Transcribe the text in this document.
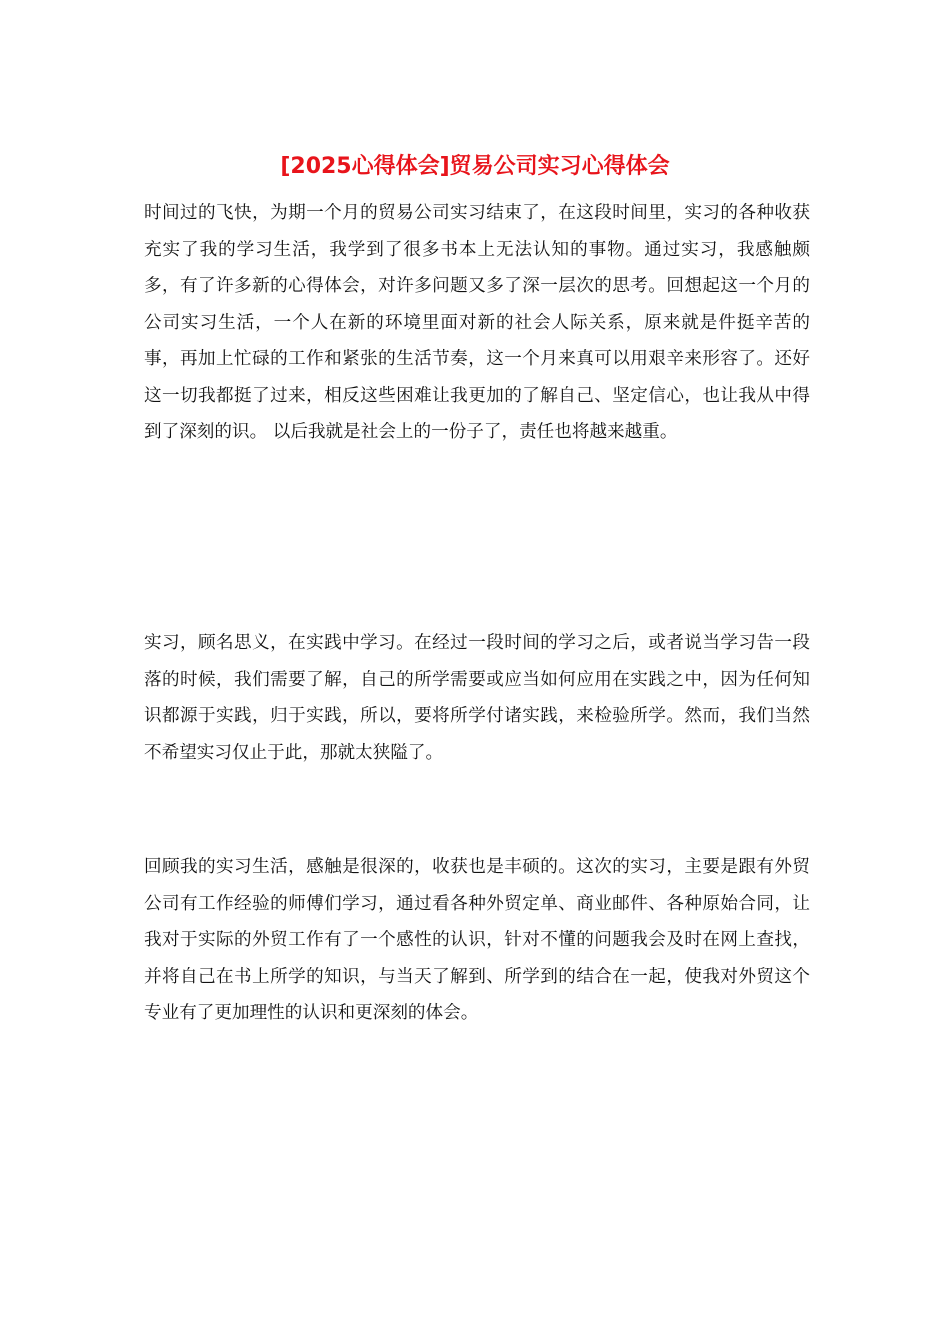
[2025心得体会]贸易公司实习心得体会

时间过的飞快，为期一个月的贸易公司实习结束了，在这段时间里，实习的各种收获充实了我的学习生活，我学到了很多书本上无法认知的事物。通过实习，我感触颇多，有了许多新的心得体会，对许多问题又多了深一层次的思考。回想起这一个月的公司实习生活，一个人在新的环境里面对新的社会人际关系，原来就是件挺辛苦的事，再加上忙碌的工作和紧张的生活节奏，这一个月来真可以用艰辛来形容了。还好这一切我都挺了过来，相反这些困难让我更加的了解自己、坚定信心，也让我从中得到了深刻的识。 以后我就是社会上的一份子了，责任也将越来越重。

实习，顾名思义，在实践中学习。在经过一段时间的学习之后，或者说当学习告一段落的时候，我们需要了解，自己的所学需要或应当如何应用在实践之中，因为任何知识都源于实践，归于实践，所以，要将所学付诸实践，来检验所学。然而，我们当然不希望实习仅止于此，那就太狭隘了。

回顾我的实习生活，感触是很深的，收获也是丰硕的。这次的实习，主要是跟有外贸公司有工作经验的师傅们学习，通过看各种外贸定单、商业邮件、各种原始合同，让我对于实际的外贸工作有了一个感性的认识，针对不懂的问题我会及时在网上查找，并将自己在书上所学的知识，与当天了解到、所学到的结合在一起，使我对外贸这个专业有了更加理性的认识和更深刻的体会。
